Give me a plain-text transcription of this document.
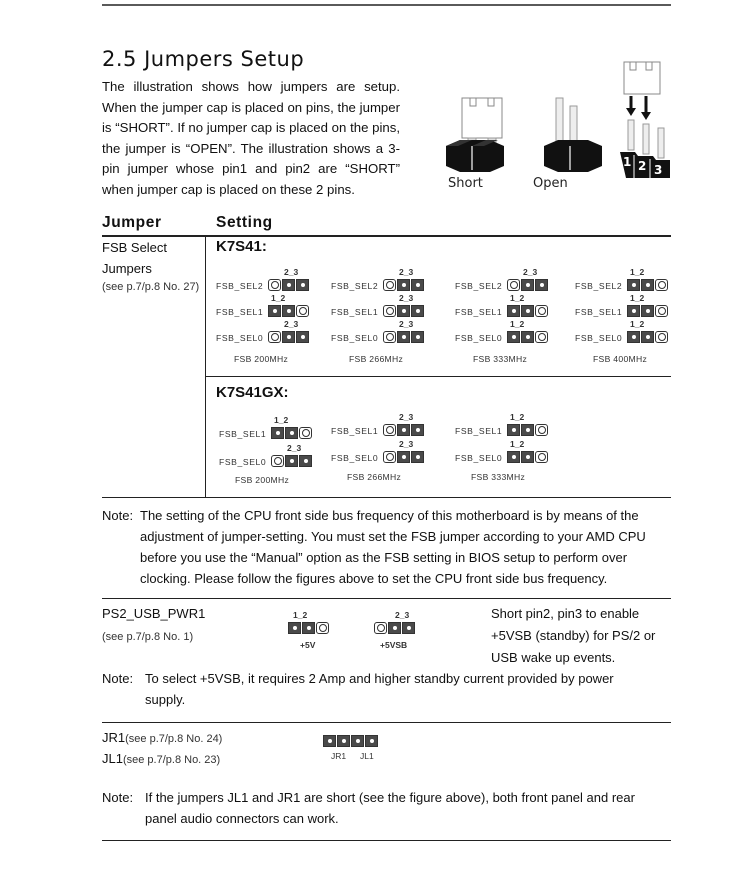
2.5 Jumpers Setup
The illustration shows how jumpers are setup. When the jumper cap is placed on pins, the jumper is “SHORT”. If no jumper cap is placed on the pins, the jumper is “OPEN”. The illustration shows a 3-pin jumper whose pin1 and pin2 are “SHORT” when jumper cap is placed on these 2 pins.	Short	Open
1 2 3
Jumper	Setting
FSB Select
Jumpers
(see p.7/p.8 No. 27)
K7S41:
FSB_SEL2
2_3
FSB_SEL1
1_2
FSB_SEL0
2_3
FSB 200MHz
FSB_SEL2
2_3
FSB_SEL1
2_3
FSB_SEL0
2_3
FSB 266MHz
FSB_SEL2
2_3
FSB_SEL1
1_2
FSB_SEL0
1_2
FSB 333MHz
FSB_SEL2
1_2
FSB_SEL1
1_2
FSB_SEL0
1_2
FSB 400MHz
K7S41GX:
FSB_SEL1
1_2
FSB_SEL0
2_3
FSB 200MHz
FSB_SEL1
2_3
FSB_SEL0
2_3
FSB 266MHz
FSB_SEL1
1_2
FSB_SEL0
1_2
FSB 333MHz
Note: The setting of the CPU front side bus frequency of this motherboard is by means of the
adjustment of jumper-setting. You must set the FSB jumper according to your AMD CPU
before you use the “Manual” option as the FSB setting in BIOS setup to perform over
clocking. Please follow the figures above to set the CPU front side bus frequency.
PS2_USB_PWR1
(see p.7/p.8 No. 1)
1_2
+5V
2_3
+5VSB
Short pin2, pin3 to enable
+5VSB (standby) for PS/2 or
USB wake up events.
Note: To select +5VSB, it requires 2 Amp and higher standby current provided by power
supply.
JR1(see p.7/p.8 No. 24)
JL1(see p.7/p.8 No. 23)	JR1 JL1
Note: If the jumpers JL1 and JR1 are short (see the figure above), both front panel and rear
panel audio connectors can work.
